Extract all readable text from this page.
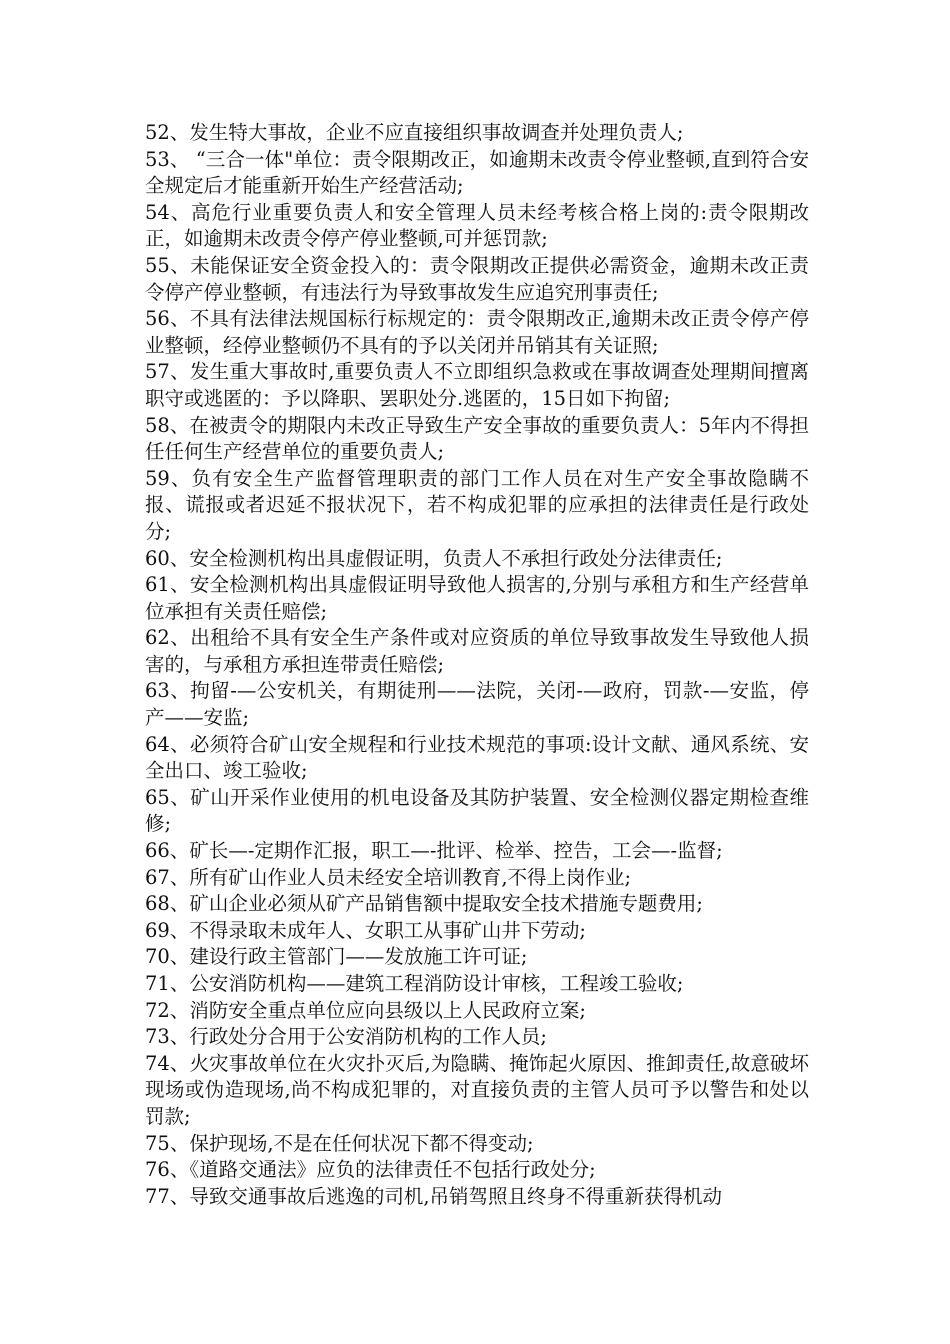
52、发生特大事故，企业不应直接组织事故调查并处理负责人;

53、 “三合一体"单位：责令限期改正，如逾期未改责令停业整顿,直到符合安全规定后才能重新开始生产经营活动;

54、高危行业重要负责人和安全管理人员未经考核合格上岗的:责令限期改正，如逾期未改责令停产停业整顿,可并惩罚款;

55、未能保证安全资金投入的：责令限期改正提供必需资金，逾期未改正责令停产停业整顿，有违法行为导致事故发生应追究刑事责任;

56、不具有法律法规国标行标规定的：责令限期改正,逾期未改正责令停产停业整顿，经停业整顿仍不具有的予以关闭并吊销其有关证照;

57、发生重大事故时,重要负责人不立即组织急救或在事故调查处理期间擅离职守或逃匿的：予以降职、罢职处分.逃匿的，15日如下拘留;

58、在被责令的期限内未改正导致生产安全事故的重要负责人：5年内不得担任任何生产经营单位的重要负责人;

59、负有安全生产监督管理职责的部门工作人员在对生产安全事故隐瞒不报、谎报或者迟延不报状况下，若不构成犯罪的应承担的法律责任是行政处分;

60、安全检测机构出具虚假证明，负责人不承担行政处分法律责任;

61、安全检测机构出具虚假证明导致他人损害的,分别与承租方和生产经营单位承担有关责任赔偿;

62、出租给不具有安全生产条件或对应资质的单位导致事故发生导致他人损害的，与承租方承担连带责任赔偿;

63、拘留-—公安机关，有期徒刑——法院，关闭-—政府，罚款-—安监，停产——安监;

64、必须符合矿山安全规程和行业技术规范的事项:设计文献、通风系统、安全出口、竣工验收;

65、矿山开采作业使用的机电设备及其防护装置、安全检测仪器定期检查维修;

66、矿长—-定期作汇报，职工—-批评、检举、控告，工会—-监督;

67、所有矿山作业人员未经安全培训教育,不得上岗作业;

68、矿山企业必须从矿产品销售额中提取安全技术措施专题费用;

69、不得录取未成年人、女职工从事矿山井下劳动;

70、建设行政主管部门——发放施工许可证;

71、公安消防机构——建筑工程消防设计审核，工程竣工验收;

72、消防安全重点单位应向县级以上人民政府立案;

73、行政处分合用于公安消防机构的工作人员;

74、火灾事故单位在火灾扑灭后,为隐瞒、掩饰起火原因、推卸责任,故意破坏现场或伪造现场,尚不构成犯罪的，对直接负责的主管人员可予以警告和处以罚款;

75、保护现场,不是在任何状况下都不得变动;

76、《道路交通法》应负的法律责任不包括行政处分;

77、导致交通事故后逃逸的司机,吊销驾照且终身不得重新获得机动
